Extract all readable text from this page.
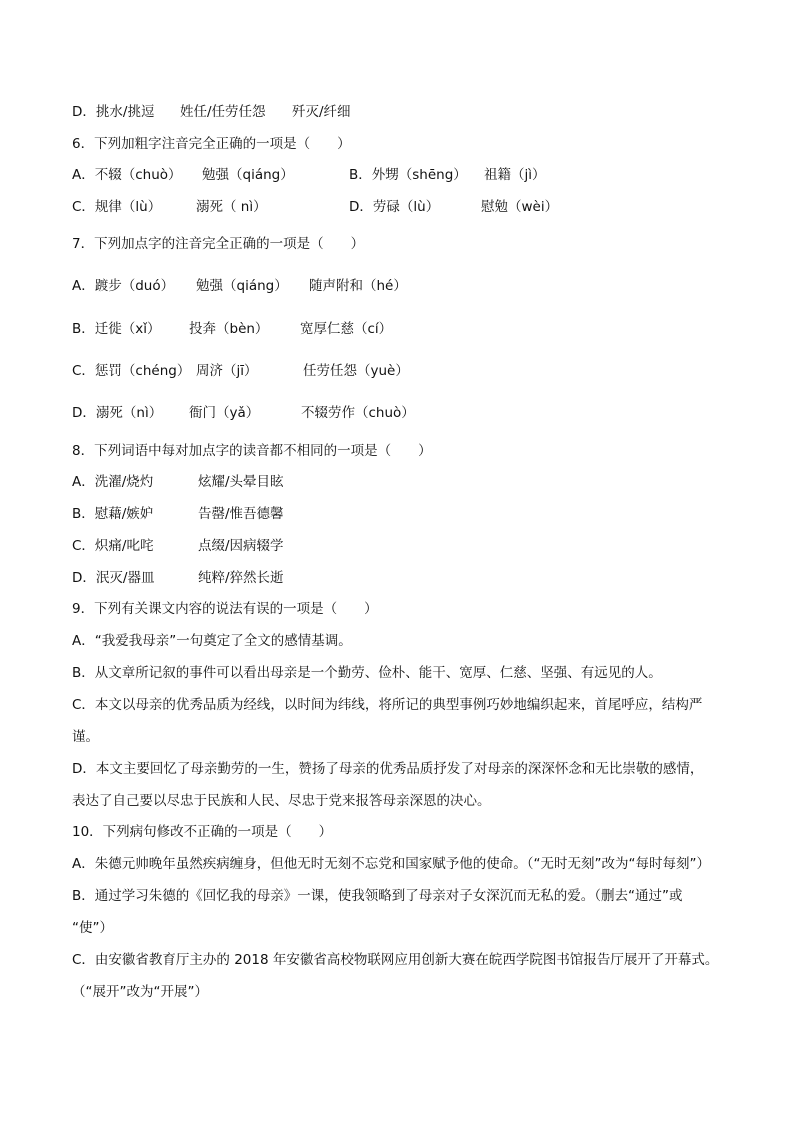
D．挑水/挑逗 姓任/任劳任怨 歼灭/纤细
6．下列加粗字注音完全正确的一项是（　　）
A．不辍（chuò） 勉强（qiáng）	B．外甥（shēng） 祖籍（jì）
C．规律（lù）	溺死（ nì）	D．劳碌（lù）	慰勉（wèi）
7．下列加点字的注音完全正确的一项是（　　）
A．踱步（duó） 勉强（qiáng） 随声附和（hé）
B．迁徙（xǐ） 投奔（bèn） 宽厚仁慈（cí）
C．惩罚（chéng） 周济（jī）	任劳任怨（yuè）
D．溺死（nì） 衙门（yǎ）	不辍劳作（chuò）
8．下列词语中每对加点字的读音都不相同的一项是（　　）
A．洗濯/烧灼	炫耀/头晕目眩
B．慰藉/嫉妒	告罄/惟吾德馨
C．炽痛/叱咤	点缀/因病辍学
D．泯灭/器皿	纯粹/猝然长逝
9．下列有关课文内容的说法有误的一项是（　　）
A．“我爱我母亲”一句奠定了全文的感情基调。
B．从文章所记叙的事件可以看出母亲是一个勤劳、俭朴、能干、宽厚、仁慈、坚强、有远见的人。
C．本文以母亲的优秀品质为经线，以时间为纬线，将所记的典型事例巧妙地编织起来，首尾呼应，结构严
谨。
D．本文主要回忆了母亲勤劳的一生，赞扬了母亲的优秀品质抒发了对母亲的深深怀念和无比崇敬的感情，
表达了自己要以尽忠于民族和人民、尽忠于党来报答母亲深恩的决心。
10．下列病句修改不正确的一项是（　　）
A．朱德元帅晚年虽然疾病缠身，但他无时无刻不忘党和国家赋予他的使命。（“无时无刻”改为“每时每刻”）
B．通过学习朱德的《回忆我的母亲》一课，使我领略到了母亲对子女深沉而无私的爱。（删去“通过”或
“使”）
C．由安徽省教育厅主办的 2018 年安徽省高校物联网应用创新大赛在皖西学院图书馆报告厅展开了开幕式。
（“展开”改为“开展”）
